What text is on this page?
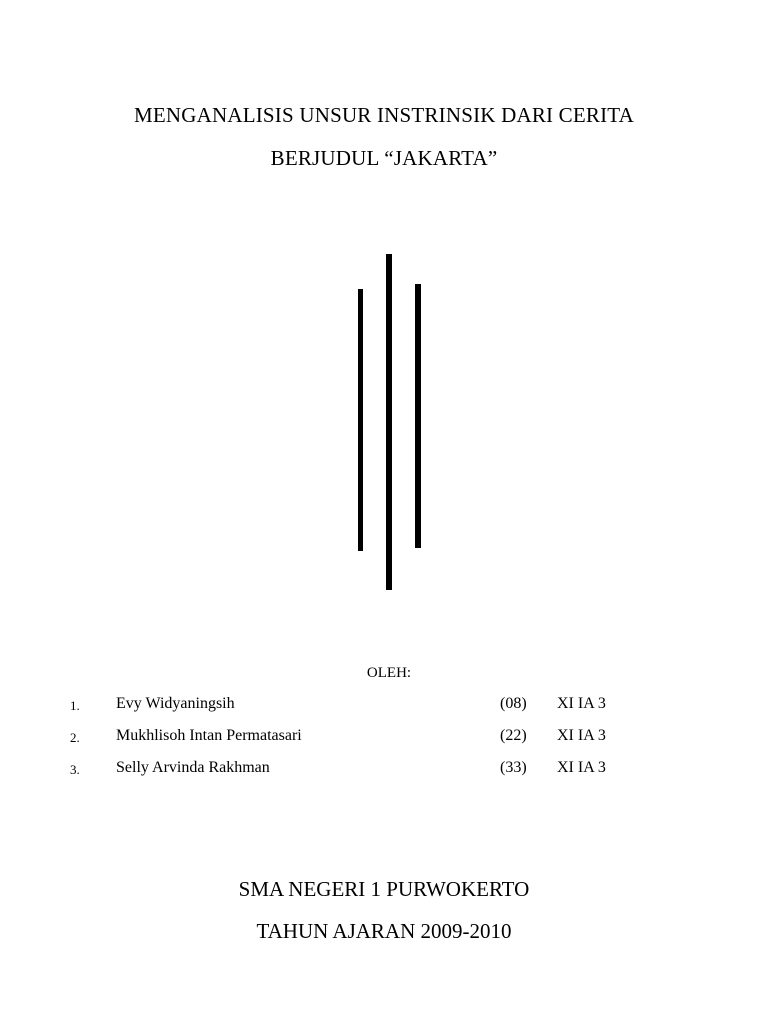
MENGANALISIS UNSUR INSTRINSIK DARI CERITA
BERJUDUL “JAKARTA”
OLEH:
1. Evy Widyaningsih	(08) XI IA 3
2. Mukhlisoh Intan Permatasari	(22) XI IA 3
3. Selly Arvinda Rakhman	(33) XI IA 3
SMA NEGERI 1 PURWOKERTO
TAHUN AJARAN 2009-2010
